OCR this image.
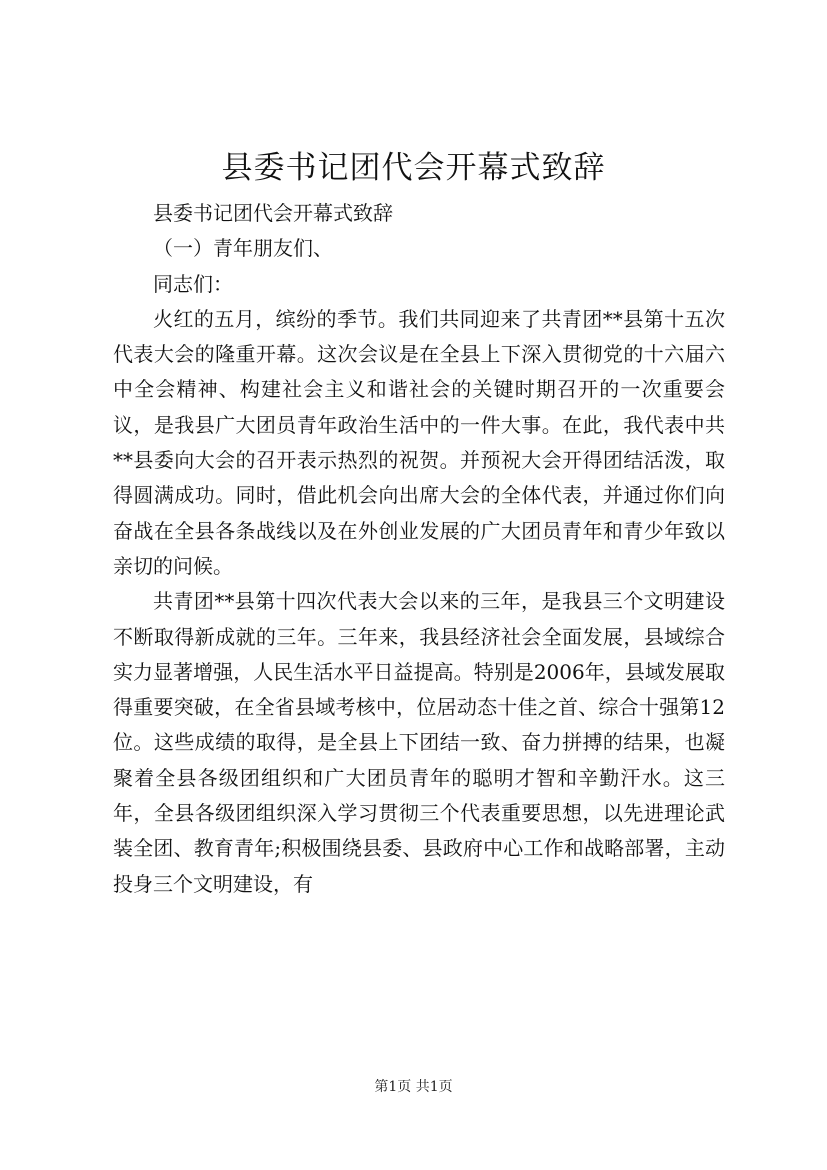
县委书记团代会开幕式致辞

县委书记团代会开幕式致辞

（一）青年朋友们、

同志们：

火红的五月，缤纷的季节。我们共同迎来了共青团**县第十五次代表大会的隆重开幕。这次会议是在全县上下深入贯彻党的十六届六中全会精神、构建社会主义和谐社会的关键时期召开的一次重要会议，是我县广大团员青年政治生活中的一件大事。在此，我代表中共**县委向大会的召开表示热烈的祝贺。并预祝大会开得团结活泼，取得圆满成功。同时，借此机会向出席大会的全体代表，并通过你们向奋战在全县各条战线以及在外创业发展的广大团员青年和青少年致以亲切的问候。

共青团**县第十四次代表大会以来的三年，是我县三个文明建设不断取得新成就的三年。三年来，我县经济社会全面发展，县域综合实力显著增强，人民生活水平日益提高。特别是2006年，县域发展取得重要突破，在全省县域考核中，位居动态十佳之首、综合十强第12位。这些成绩的取得，是全县上下团结一致、奋力拼搏的结果，也凝聚着全县各级团组织和广大团员青年的聪明才智和辛勤汗水。这三年，全县各级团组织深入学习贯彻三个代表重要思想，以先进理论武装全团、教育青年;积极围绕县委、县政府中心工作和战略部署，主动投身三个文明建设，有

第1页 共1页
